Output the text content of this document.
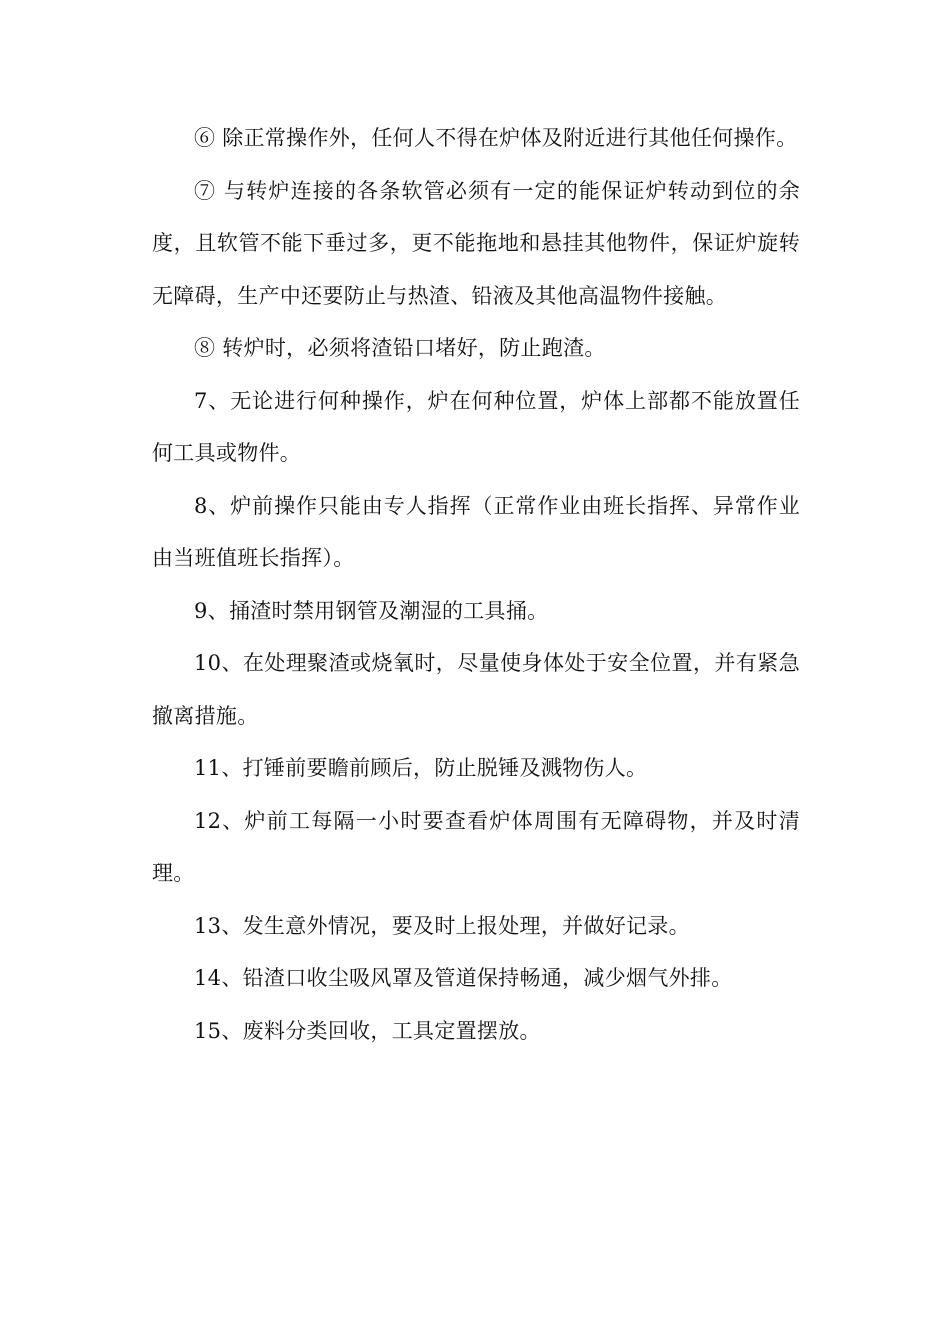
⑥ 除正常操作外，任何人不得在炉体及附近进行其他任何操作。

⑦ 与转炉连接的各条软管必须有一定的能保证炉转动到位的余度，且软管不能下垂过多，更不能拖地和悬挂其他物件，保证炉旋转无障碍，生产中还要防止与热渣、铅液及其他高温物件接触。

⑧ 转炉时，必须将渣铅口堵好，防止跑渣。

7、无论进行何种操作，炉在何种位置，炉体上部都不能放置任何工具或物件。

8、炉前操作只能由专人指挥（正常作业由班长指挥、异常作业由当班值班长指挥）。

9、捅渣时禁用钢管及潮湿的工具捅。

10、在处理聚渣或烧氧时，尽量使身体处于安全位置，并有紧急撤离措施。

11、打锤前要瞻前顾后，防止脱锤及溅物伤人。

12、炉前工每隔一小时要查看炉体周围有无障碍物，并及时清理。

13、发生意外情况，要及时上报处理，并做好记录。

14、铅渣口收尘吸风罩及管道保持畅通，减少烟气外排。

15、废料分类回收，工具定置摆放。
